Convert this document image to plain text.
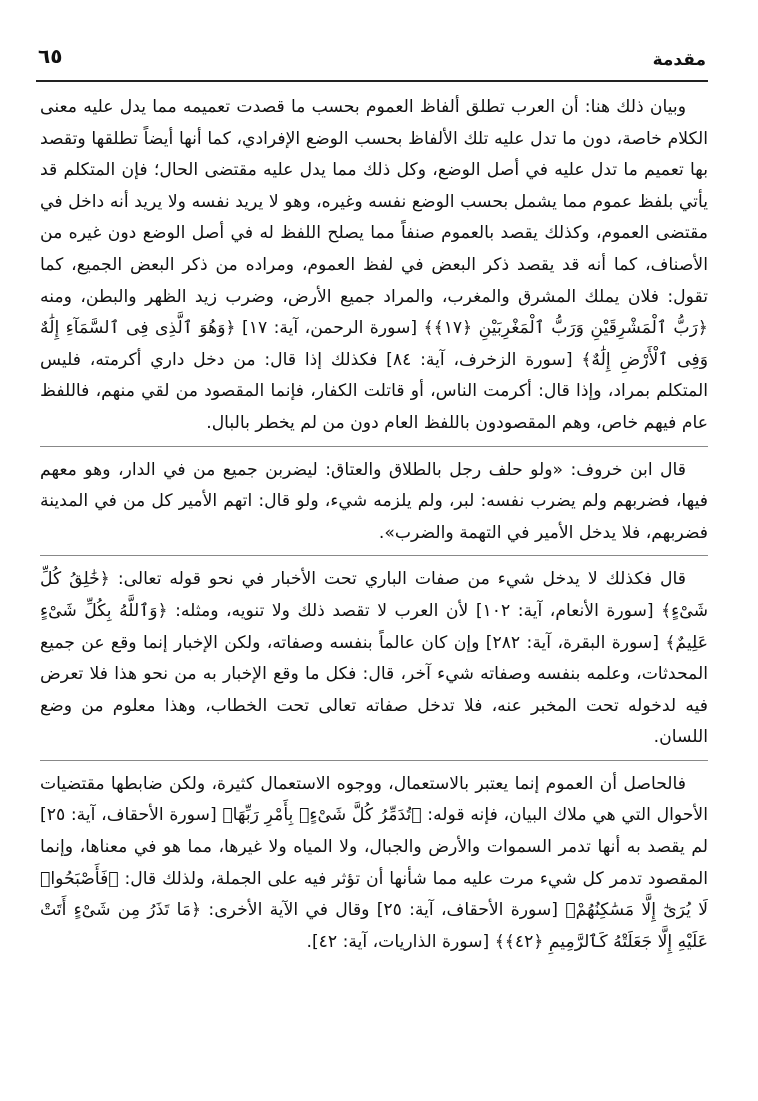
٦٥	مقدمة

وبيان ذلك هنا: أن العرب تطلق ألفاظ العموم بحسب ما قصدت تعميمه مما يدل عليه معنى الكلام خاصة، دون ما تدل عليه تلك الألفاظ بحسب الوضع الإفرادي، كما أنها أيضاً تطلقها وتقصد بها تعميم ما تدل عليه في أصل الوضع، وكل ذلك مما يدل عليه مقتضى الحال؛ فإن المتكلم قد يأتي بلفظ عموم مما يشمل بحسب الوضع نفسه وغيره، وهو لا يريد نفسه ولا يريد أنه داخل في مقتضى العموم، وكذلك يقصد بالعموم صنفاً مما يصلح اللفظ له في أصل الوضع دون غيره من الأصناف، كما أنه قد يقصد ذكر البعض في لفظ العموم، ومراده من ذكر البعض الجميع، كما تقول: فلان يملك المشرق والمغرب، والمراد جميع الأرض، وضرب زيد الظهر والبطن، ومنه ﴿رَبُّ ٱلْمَشْرِقَيْنِ وَرَبُّ ٱلْمَغْرِبَيْنِ ﴿١٧﴾﴾ [سورة الرحمن، آية: ١٧] ﴿وَهُوَ ٱلَّذِى فِى ٱلسَّمَآءِ إِلَٰهٌ وَفِى ٱلْأَرْضِ إِلَٰهٌ﴾ [سورة الزخرف، آية: ٨٤] فكذلك إذا قال: من دخل داري أكرمته، فليس المتكلم بمراد، وإذا قال: أكرمت الناس، أو قاتلت الكفار، فإنما المقصود من لقي منهم، فاللفظ عام فيهم خاص، وهم المقصودون باللفظ العام دون من لم يخطر بالبال.

قال ابن خروف: «ولو حلف رجل بالطلاق والعتاق: ليضربن جميع من في الدار، وهو معهم فيها، فضربهم ولم يضرب نفسه: لبر، ولم يلزمه شيء، ولو قال: اتهم الأمير كل من في المدينة فضربهم، فلا يدخل الأمير في التهمة والضرب».

قال فكذلك لا يدخل شيء من صفات الباري تحت الأخبار في نحو قوله تعالى: ﴿خَٰلِقُ كُلِّ شَىْءٍ﴾ [سورة الأنعام، آية: ١٠٢] لأن العرب لا تقصد ذلك ولا تنويه، ومثله: ﴿وَٱللَّهُ بِكُلِّ شَىْءٍ عَلِيمٌ﴾ [سورة البقرة، آية: ٢٨٢] وإن كان عالماً بنفسه وصفاته، ولكن الإخبار إنما وقع عن جميع المحدثات، وعلمه بنفسه وصفاته شيء آخر، قال: فكل ما وقع الإخبار به من نحو هذا فلا تعرض فيه لدخوله تحت المخبر عنه، فلا تدخل صفاته تعالى تحت الخطاب، وهذا معلوم من وضع اللسان.

فالحاصل أن العموم إنما يعتبر بالاستعمال، ووجوه الاستعمال كثيرة، ولكن ضابطها مقتضيات الأحوال التي هي ملاك البيان، فإنه قوله: ﴿تُدَمِّرُ كُلَّ شَىْءٍۭ بِأَمْرِ رَبِّهَا﴾ [سورة الأحقاف، آية: ٢٥] لم يقصد به أنها تدمر السموات والأرض والجبال، ولا المياه ولا غيرها، مما هو في معناها، وإنما المقصود تدمر كل شيء مرت عليه مما شأنها أن تؤثر فيه على الجملة، ولذلك قال: ﴿فَأَصْبَحُوا۟ لَا يُرَىٰٓ إِلَّا مَسَٰكِنُهُمْ﴾ [سورة الأحقاف، آية: ٢٥] وقال في الآية الأخرى: ﴿مَا تَذَرُ مِن شَىْءٍ أَتَتْ عَلَيْهِ إِلَّا جَعَلَتْهُ كَٱلرَّمِيمِ ﴿٤٢﴾﴾ [سورة الذاريات، آية: ٤٢].
